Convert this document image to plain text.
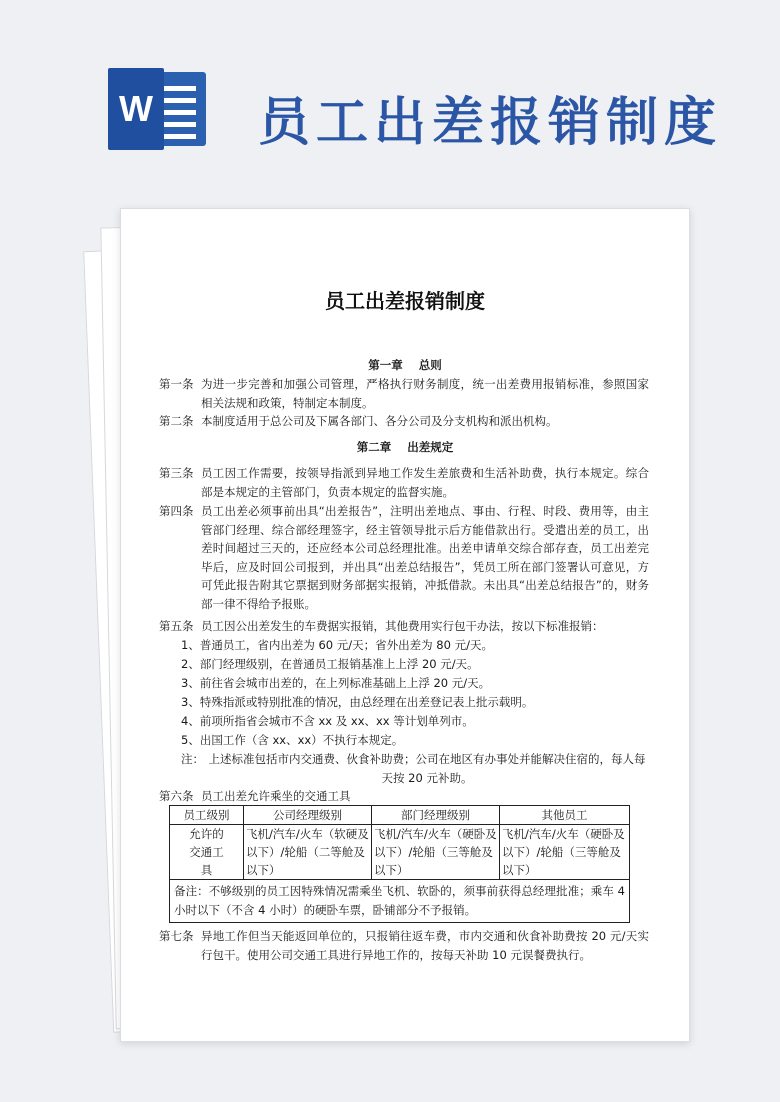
W 员工出差报销制度
员工出差报销制度
第一章 总则
第一条 为进一步完善和加强公司管理，严格执行财务制度，统一出差费用报销标准，参照国家相关法规和政策，特制定本制度。
第二条 本制度适用于总公司及下属各部门、各分公司及分支机构和派出机构。
第二章 出差规定
第三条 员工因工作需要，按领导指派到异地工作发生差旅费和生活补助费，执行本规定。综合部是本规定的主管部门，负责本规定的监督实施。
第四条 员工出差必须事前出具“出差报告”，注明出差地点、事由、行程、时段、费用等，由主管部门经理、综合部经理签字，经主管领导批示后方能借款出行。受遣出差的员工，出差时间超过三天的，还应经本公司总经理批准。出差申请单交综合部存查，员工出差完毕后，应及时回公司报到，并出具“出差总结报告”，凭员工所在部门签署认可意见，方可凭此报告附其它票据到财务部据实报销，冲抵借款。未出具“出差总结报告”的，财务部一律不得给予报账。
第五条 员工因公出差发生的车费据实报销，其他费用实行包干办法，按以下标准报销：
1、普通员工，省内出差为 60 元/天；省外出差为 80 元/天。
2、部门经理级别，在普通员工报销基准上上浮 20 元/天。
3、前往省会城市出差的，在上列标准基础上上浮 20 元/天。
3、特殊指派或特别批准的情况，由总经理在出差登记表上批示载明。
4、前项所指省会城市不含 xx 及 xx、xx 等计划单列市。
5、出国工作（含 xx、xx）不执行本规定。
注： 上述标准包括市内交通费、伙食补助费；公司在地区有办事处并能解决住宿的，每人每天按 20 元补助。
第六条 员工出差允许乘坐的交通工具
员工级别	公司经理级别	部门经理级别	其他员工
允许的交通工具	飞机/汽车/火车（软硬及以下）/轮船（二等舱及以下）	飞机/汽车/火车（硬卧及以下）/轮船（三等舱及以下）	飞机/汽车/火车（硬卧及以下）/轮船（三等舱及以下）
备注：不够级别的员工因特殊情况需乘坐飞机、软卧的，须事前获得总经理批准；乘车 4 小时以下（不含 4 小时）的硬卧车票，卧铺部分不予报销。			
第七条 异地工作但当天能返回单位的，只报销往返车费，市内交通和伙食补助费按 20 元/天实行包干。使用公司交通工具进行异地工作的，按每天补助 10 元误餐费执行。
